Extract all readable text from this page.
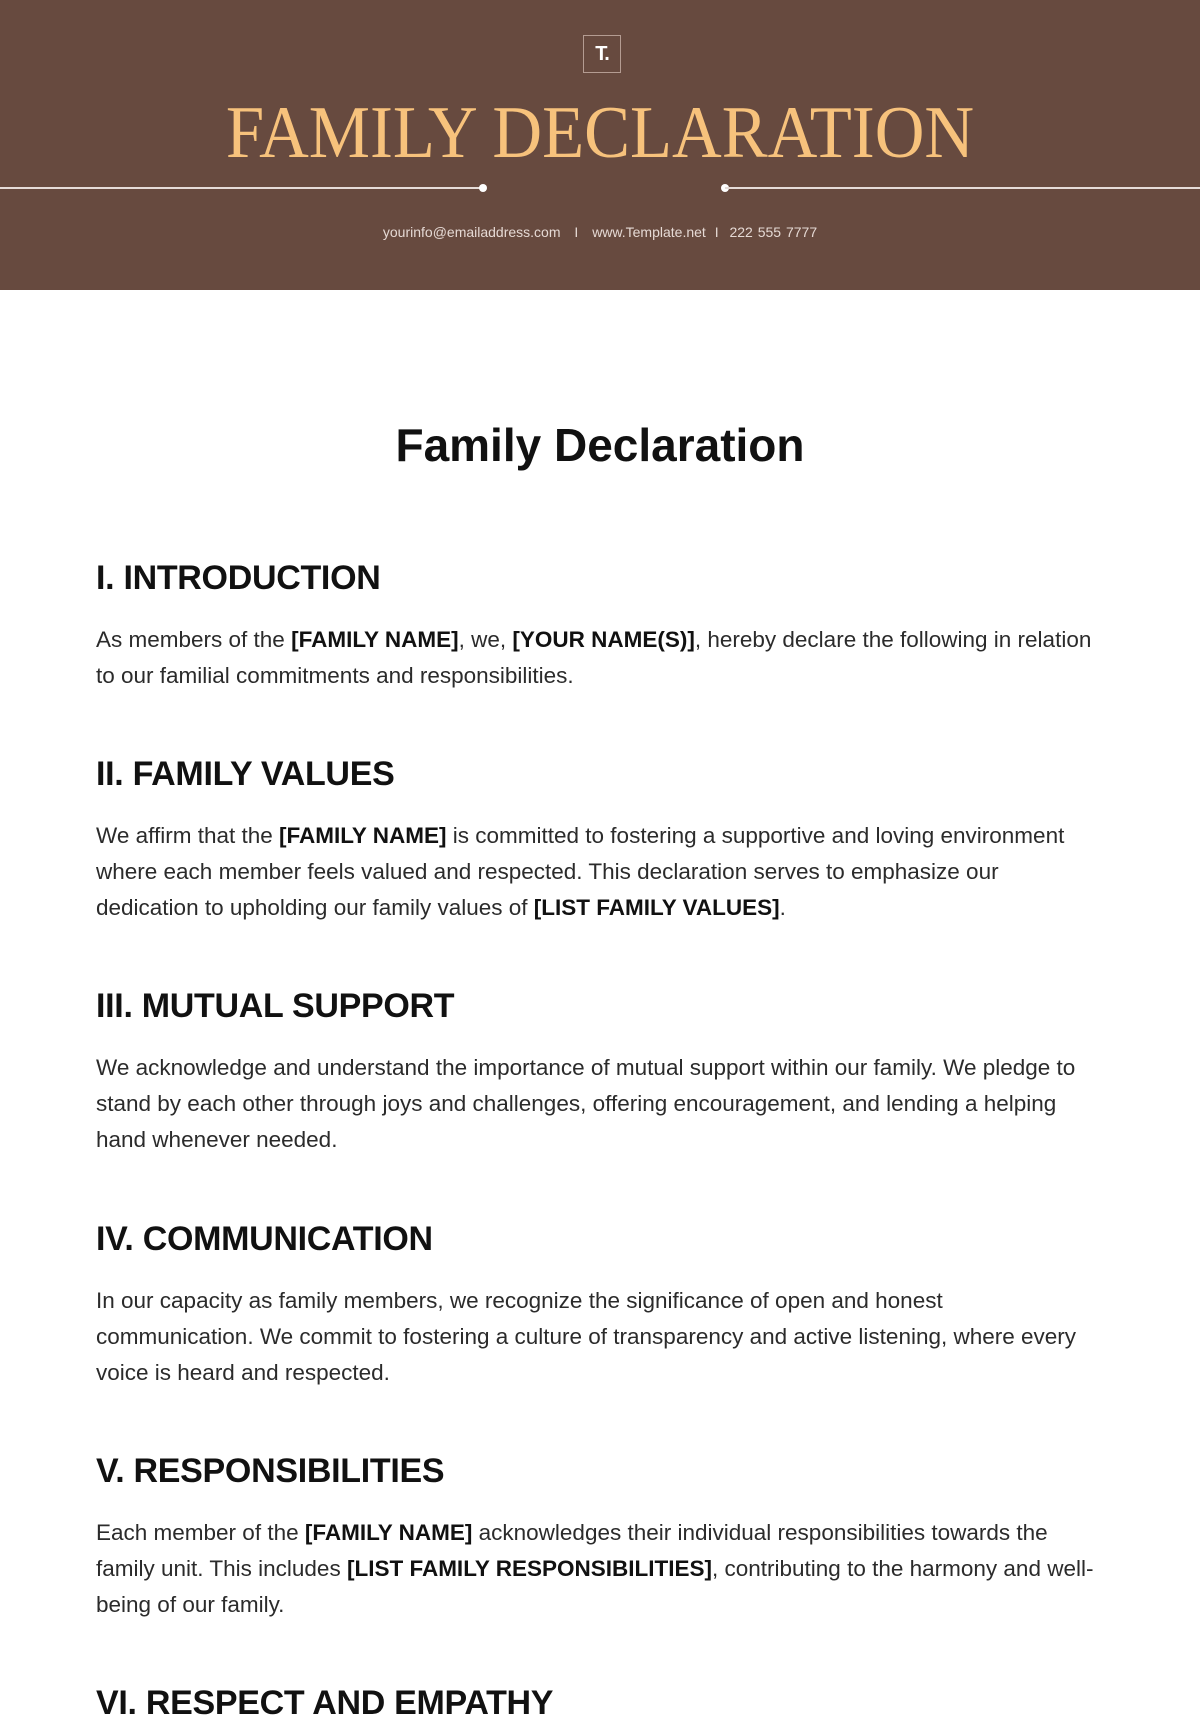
T.
FAMILY DECLARATION
yourinfo@emailaddress.com I www.Template.net I 222 555 7777
Family Declaration
I. INTRODUCTION

As members of the [FAMILY NAME], we, [YOUR NAME(S)], hereby declare the following in relation to our familial commitments and responsibilities.

II. FAMILY VALUES

We affirm that the [FAMILY NAME] is committed to fostering a supportive and loving environment where each member feels valued and respected. This declaration serves to emphasize our dedication to upholding our family values of [LIST FAMILY VALUES].

III. MUTUAL SUPPORT

We acknowledge and understand the importance of mutual support within our family. We pledge to stand by each other through joys and challenges, offering encouragement, and lending a helping hand whenever needed.

IV. COMMUNICATION

In our capacity as family members, we recognize the significance of open and honest communication. We commit to fostering a culture of transparency and active listening, where every voice is heard and respected.

V. RESPONSIBILITIES

Each member of the [FAMILY NAME] acknowledges their individual responsibilities towards the family unit. This includes [LIST FAMILY RESPONSIBILITIES], contributing to the harmony and well-being of our family.

VI. RESPECT AND EMPATHY
